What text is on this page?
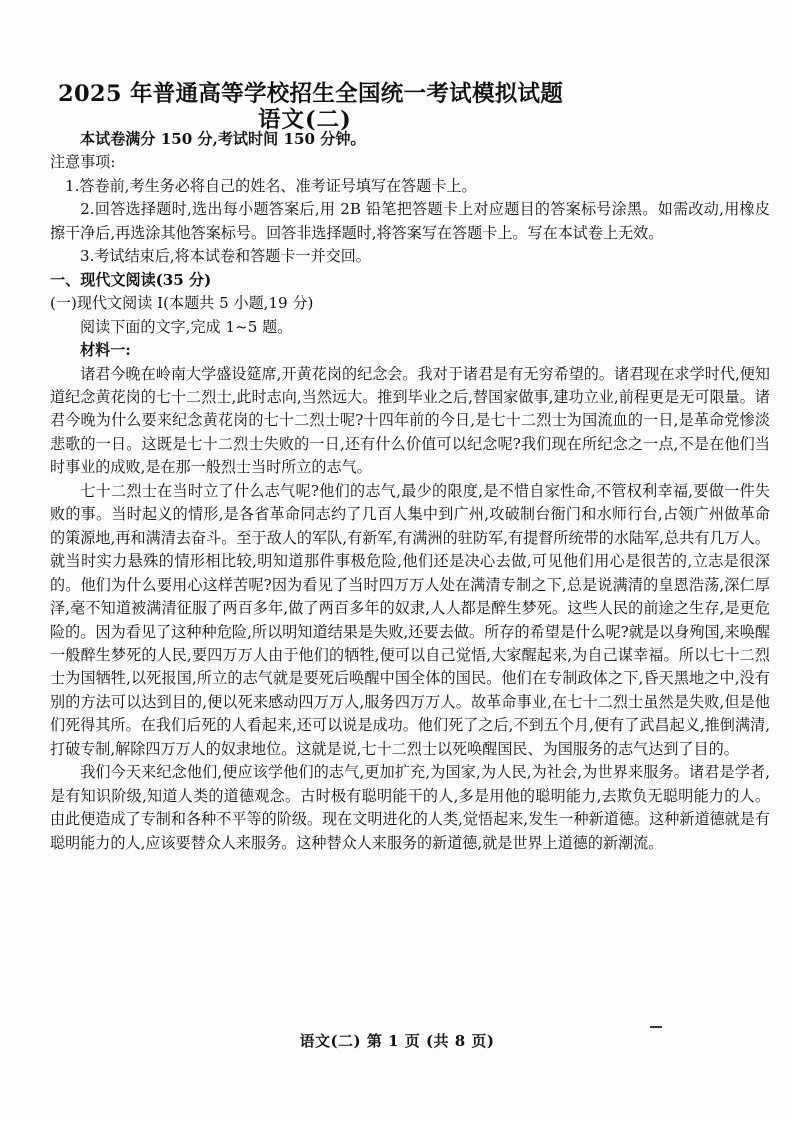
2025 年普通高等学校招生全国统一考试模拟试题
语文(二)

本试卷满分 150 分,考试时间 150 分钟。

注意事项:

1.答卷前,考生务必将自己的姓名、准考证号填写在答题卡上。

2.回答选择题时,选出每小题答案后,用 2B 铅笔把答题卡上对应题目的答案标号涂黑。如需改动,用橡皮擦干净后,再选涂其他答案标号。回答非选择题时,将答案写在答题卡上。写在本试卷上无效。

3.考试结束后,将本试卷和答题卡一并交回。

一、现代文阅读(35 分)

(一)现代文阅读 I(本题共 5 小题,19 分)

阅读下面的文字,完成 1~5 题。

材料一:

诸君今晚在岭南大学盛设筵席,开黄花岗的纪念会。我对于诸君是有无穷希望的。诸君现在求学时代,便知道纪念黄花岗的七十二烈士,此时志向,当然远大。推到毕业之后,替国家做事,建功立业,前程更是无可限量。诸君今晚为什么要来纪念黄花岗的七十二烈士呢?十四年前的今日,是七十二烈士为国流血的一日,是革命党惨淡悲歌的一日。这既是七十二烈士失败的一日,还有什么价值可以纪念呢?我们现在所纪念之一点,不是在他们当时事业的成败,是在那一般烈士当时所立的志气。

七十二烈士在当时立了什么志气呢?他们的志气,最少的限度,是不惜自家性命,不管权利幸福,要做一件失败的事。当时起义的情形,是各省革命同志约了几百人集中到广州,攻破制台衙门和水师行台,占领广州做革命的策源地,再和满清去奋斗。至于敌人的军队,有新军,有满洲的驻防军,有提督所统带的水陆军,总共有几万人。就当时实力悬殊的情形相比较,明知道那件事极危险,他们还是决心去做,可见他们用心是很苦的,立志是很深的。他们为什么要用心这样苦呢?因为看见了当时四万万人处在满清专制之下,总是说满清的皇恩浩荡,深仁厚泽,毫不知道被满清征服了两百多年,做了两百多年的奴隶,人人都是醉生梦死。这些人民的前途之生存,是更危险的。因为看见了这种种危险,所以明知道结果是失败,还要去做。所存的希望是什么呢?就是以身殉国,来唤醒一般醉生梦死的人民,要四万万人由于他们的牺牲,便可以自己觉悟,大家醒起来,为自己谋幸福。所以七十二烈士为国牺牲,以死报国,所立的志气就是要死后唤醒中国全体的国民。他们在专制政体之下,昏天黑地之中,没有别的方法可以达到目的,便以死来感动四万万人,服务四万万人。故革命事业,在七十二烈士虽然是失败,但是他们死得其所。在我们后死的人看起来,还可以说是成功。他们死了之后,不到五个月,便有了武昌起义,推倒满清,打破专制,解除四万万人的奴隶地位。这就是说,七十二烈士以死唤醒国民、为国服务的志气达到了目的。

我们今天来纪念他们,便应该学他们的志气,更加扩充,为国家,为人民,为社会,为世界来服务。诸君是学者,是有知识阶级,知道人类的道德观念。古时极有聪明能干的人,多是用他的聪明能力,去欺负无聪明能力的人。由此便造成了专制和各种不平等的阶级。现在文明进化的人类,觉悟起来,发生一种新道德。这种新道德就是有聪明能力的人,应该要替众人来服务。这种替众人来服务的新道德,就是世界上道德的新潮流。

语文(二) 第 1 页 (共 8 页)
